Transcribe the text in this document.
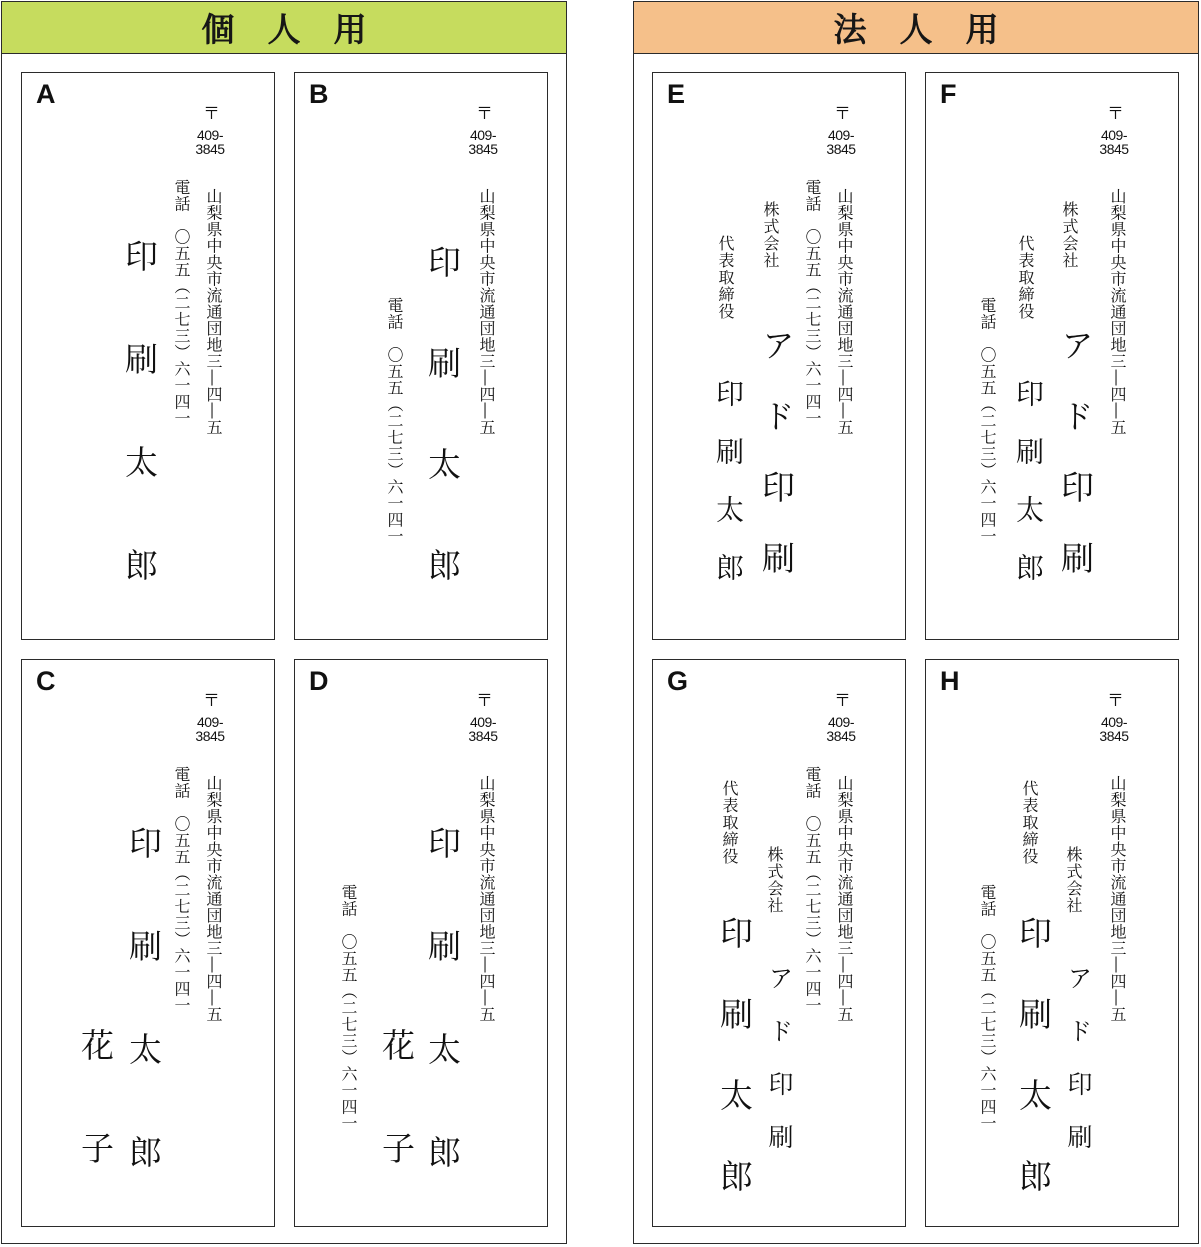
個　人　用
A
〒
409-
3845
山梨県中央市流通団地三―四―五
電話　〇五五（二七三）六一四一
印刷太郎
B
〒
409-
3845
山梨県中央市流通団地三―四―五
印刷太郎
電話　〇五五（二七三）六一四一
C
〒
409-
3845
山梨県中央市流通団地三―四―五
電話　〇五五（二七三）六一四一
印刷太郎
花子
D
〒
409-
3845
山梨県中央市流通団地三―四―五
印刷太郎
花子
電話　〇五五（二七三）六一四一
法　人　用
E
〒
409-
3845
山梨県中央市流通団地三―四―五
電話　〇五五（二七三）六一四一
株式会社
アド印刷
代表取締役
印刷太郎
F
〒
409-
3845
山梨県中央市流通団地三―四―五
株式会社
アド印刷
代表取締役
印刷太郎
電話　〇五五（二七三）六一四一
G
〒
409-
3845
山梨県中央市流通団地三―四―五
電話　〇五五（二七三）六一四一
株式会社
代表取締役
印刷太郎 アド印刷
H
〒
409-
3845
山梨県中央市流通団地三―四―五
株式会社
代表取締役
印刷太郎 アド印刷
電話　〇五五（二七三）六一四一
